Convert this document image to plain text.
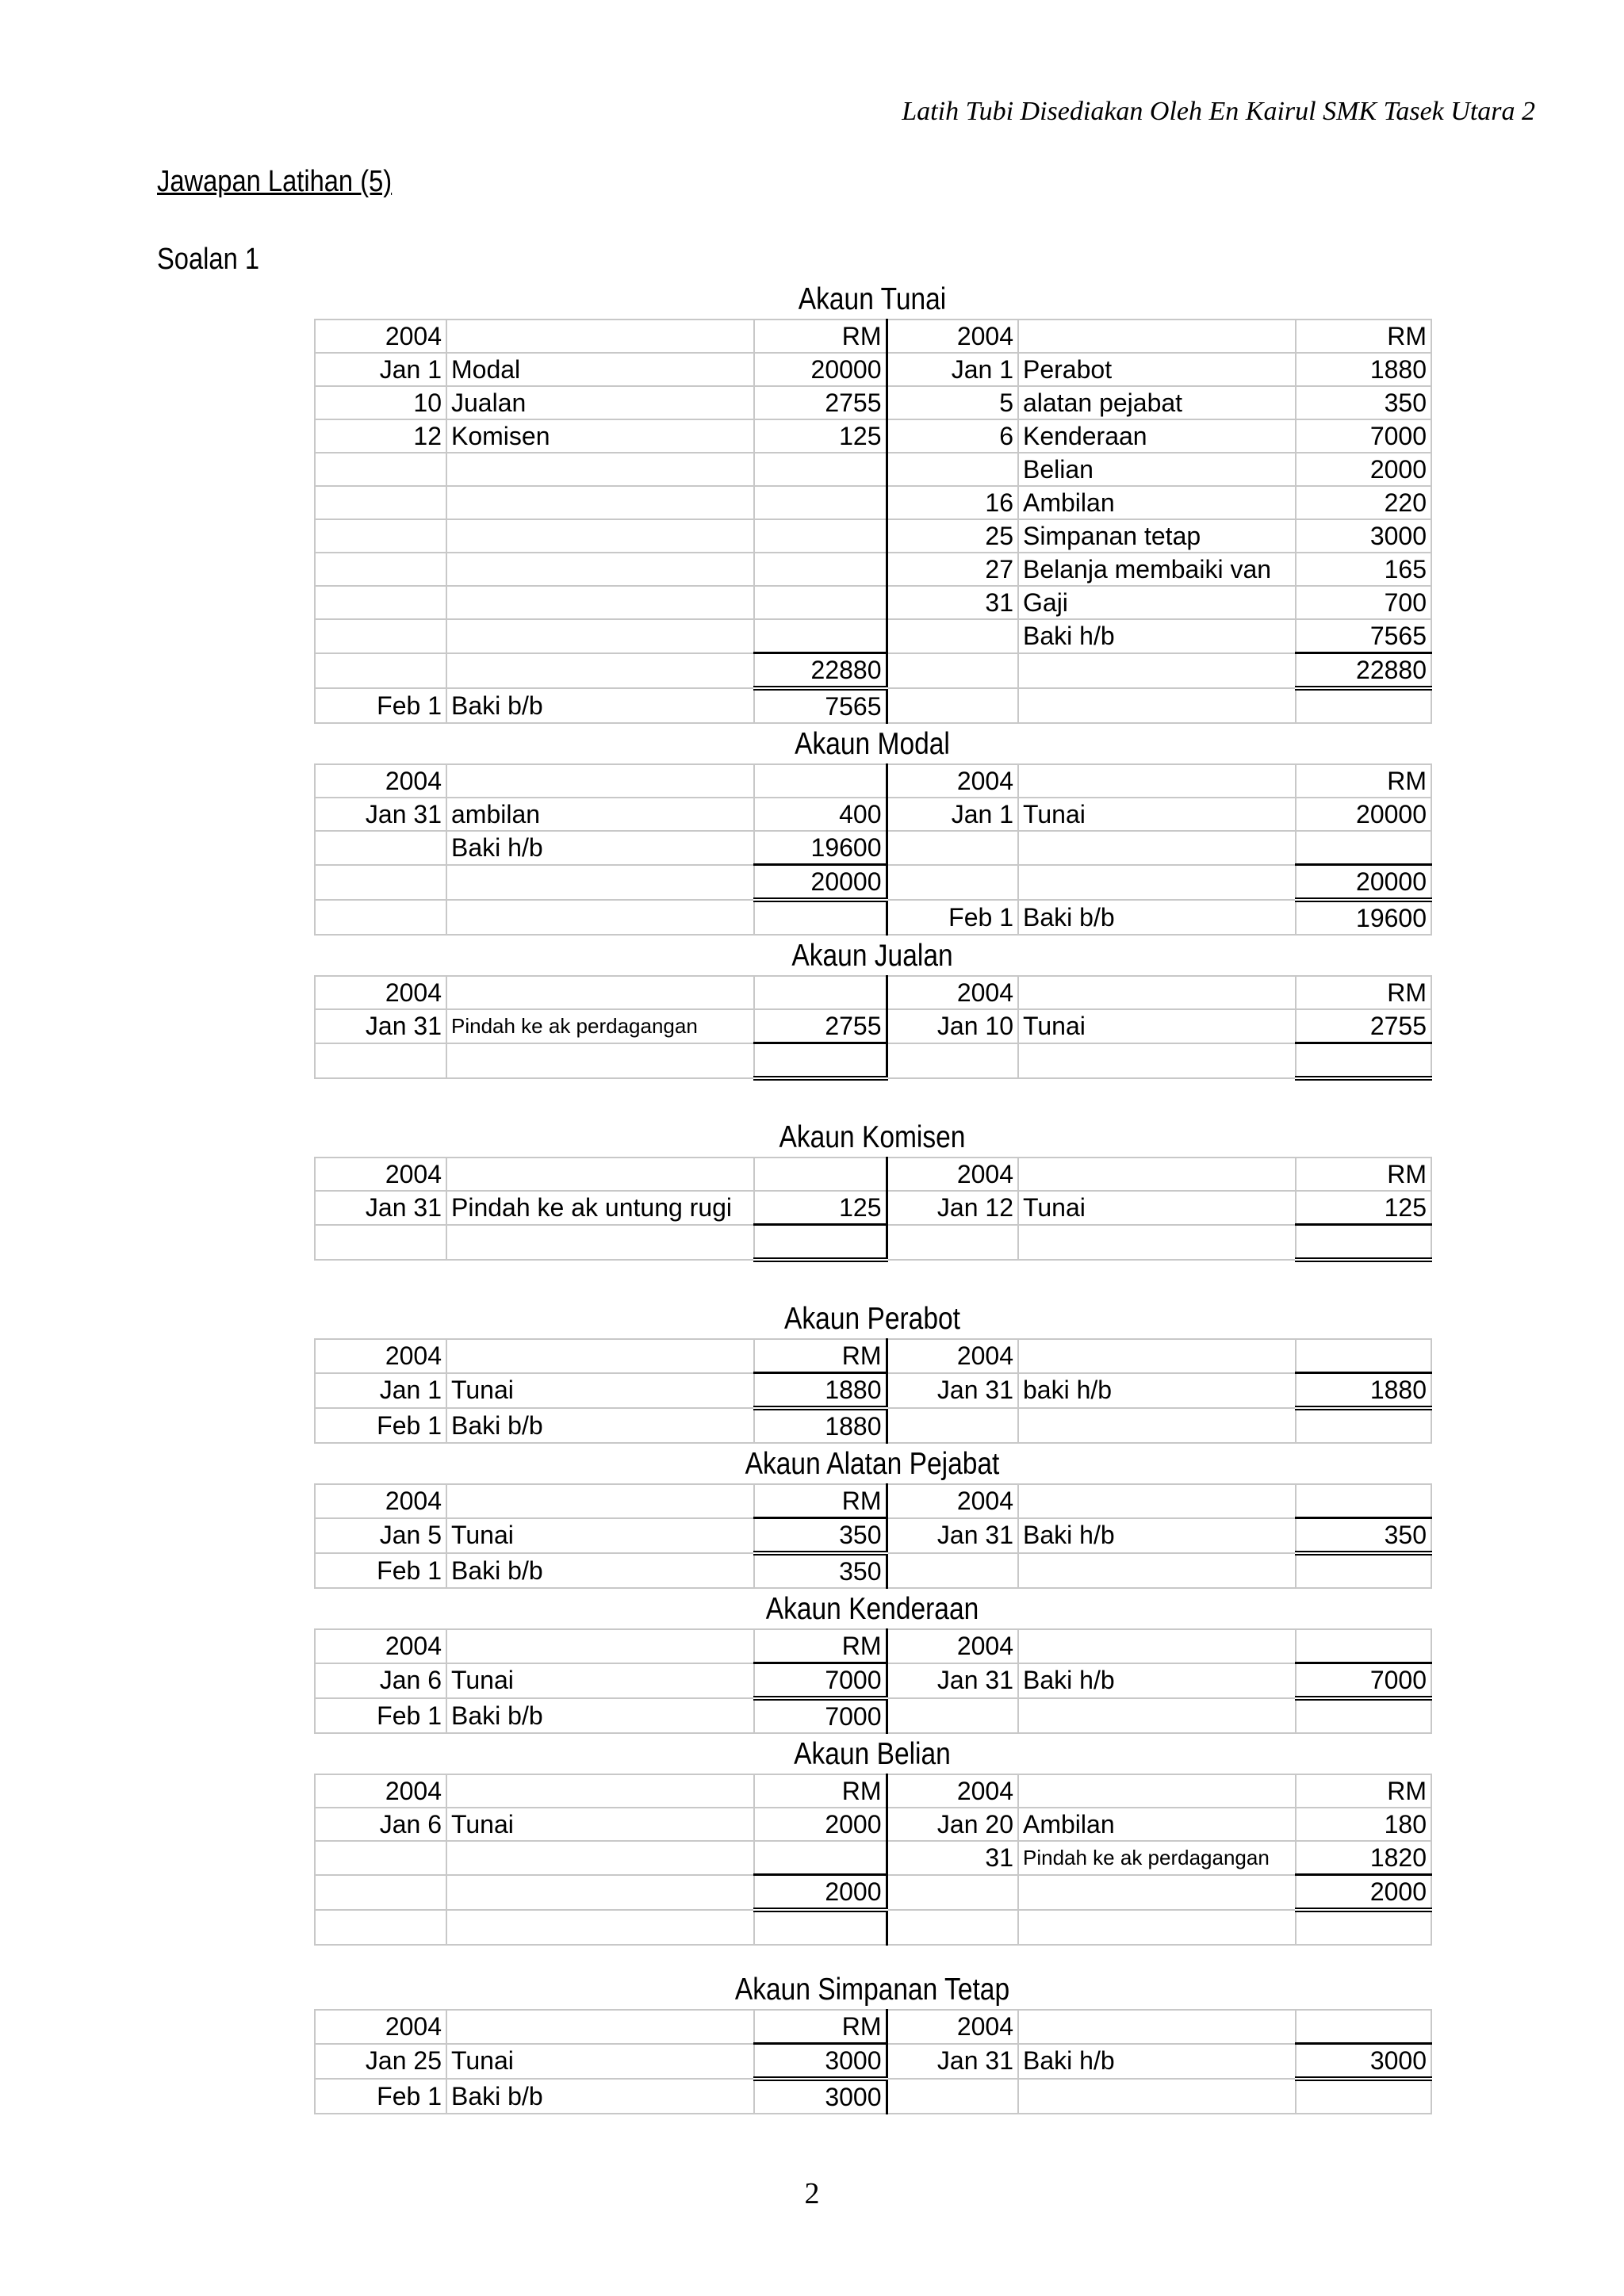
Latih Tubi Disediakan Oleh En Kairul SMK Tasek Utara 2
Jawapan Latihan (5)
Soalan 1
Akaun Tunai
2004		RM	2004		RM
Jan 1	Modal	20000	Jan 1	Perabot	1880
10	Jualan	2755	5	alatan pejabat	350
12	Komisen	125	6	Kenderaan	7000
				Belian	2000
			16	Ambilan	220
			25	Simpanan tetap	3000
			27	Belanja membaiki van	165
			31	Gaji	700
				Baki h/b	7565
		22880			22880
Feb 1	Baki b/b	7565			
Akaun Modal
2004			2004		RM
Jan 31	ambilan	400	Jan 1	Tunai	20000
	Baki h/b	19600			
		20000			20000
			Feb 1	Baki b/b	19600
Akaun Jualan
2004			2004		RM
Jan 31	Pindah ke ak perdagangan	2755	Jan 10	Tunai	2755

Akaun Komisen
2004			2004		RM
Jan 31	Pindah ke ak untung rugi	125	Jan 12	Tunai	125

Akaun Perabot
2004		RM	2004		
Jan 1	Tunai	1880	Jan 31	baki h/b	1880
Feb 1	Baki b/b	1880			
Akaun Alatan Pejabat
2004		RM	2004		
Jan 5	Tunai	350	Jan 31	Baki h/b	350
Feb 1	Baki b/b	350			
Akaun Kenderaan
2004		RM	2004		
Jan 6	Tunai	7000	Jan 31	Baki h/b	7000
Feb 1	Baki b/b	7000			
Akaun Belian
2004		RM	2004		RM
Jan 6	Tunai	2000	Jan 20	Ambilan	180
			31	Pindah ke ak perdagangan	1820
		2000			2000

Akaun Simpanan Tetap
2004		RM	2004		
Jan 25	Tunai	3000	Jan 31	Baki h/b	3000
Feb 1	Baki b/b	3000			
2
